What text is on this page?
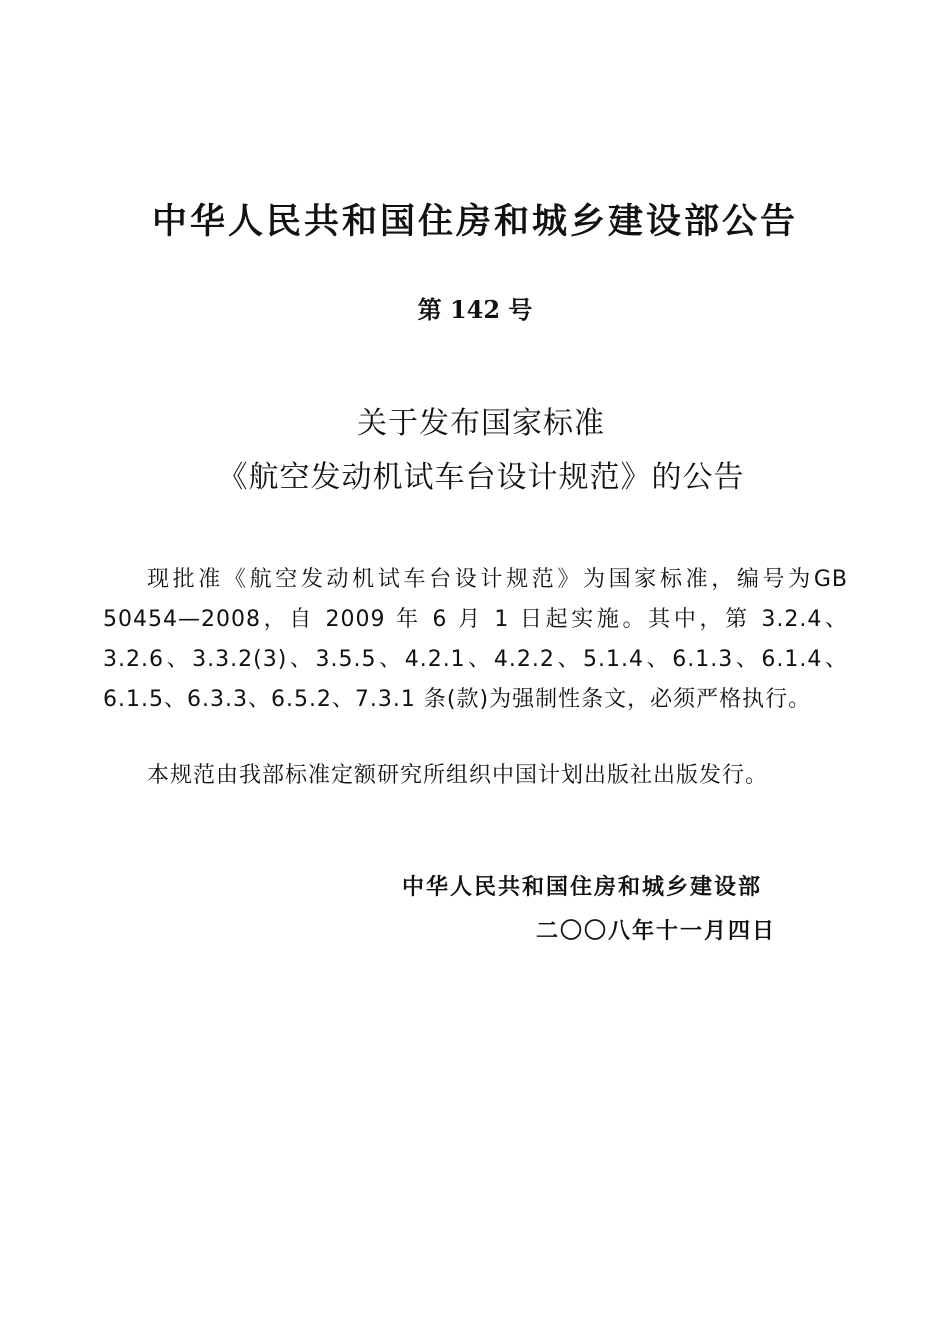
中华人民共和国住房和城乡建设部公告
第 142 号
关于发布国家标准
《航空发动机试车台设计规范》的公告

现批准《航空发动机试车台设计规范》为国家标准，编号为GB 50454—2008，自 2009 年 6 月 1 日起实施。其中，第 3.2.4、3.2.6、3.3.2(3)、3.5.5、4.2.1、4.2.2、5.1.4、6.1.3、6.1.4、6.1.5、6.3.3、6.5.2、7.3.1 条(款)为强制性条文，必须严格执行。

本规范由我部标准定额研究所组织中国计划出版社出版发行。

中华人民共和国住房和城乡建设部
二〇〇八年十一月四日
